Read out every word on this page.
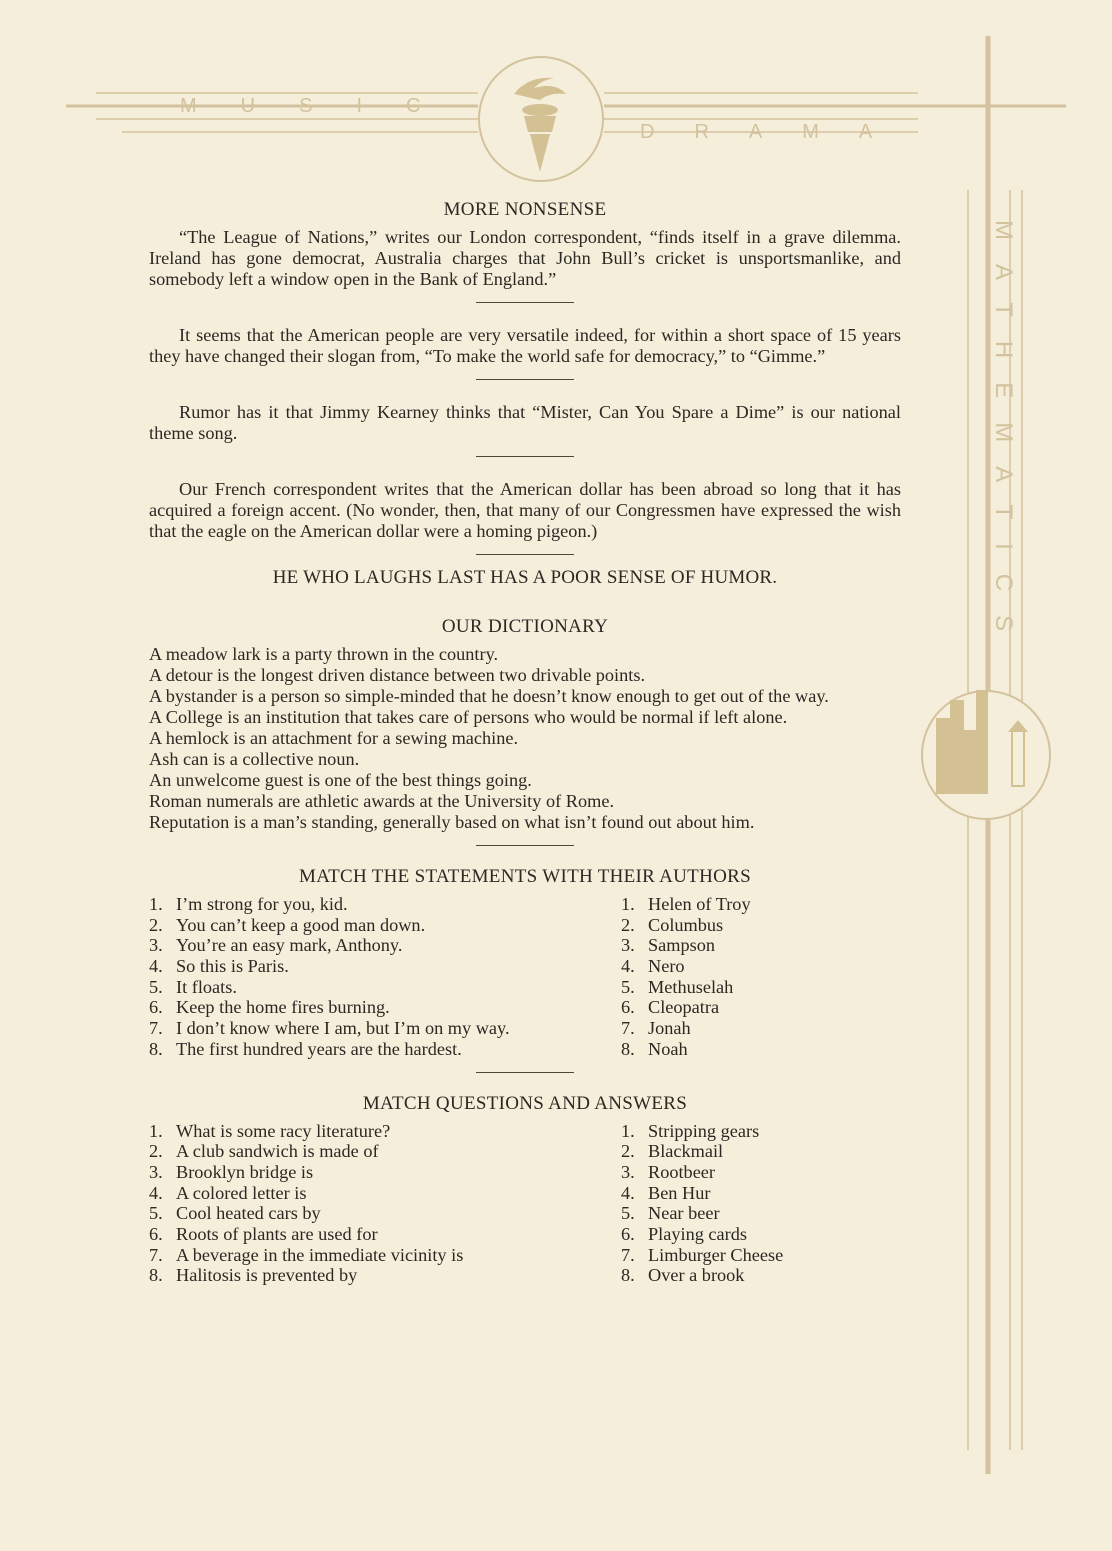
MUSIC
DRAMA
MATHEMATICS
MORE NONSENSE

“The League of Nations,” writes our London correspondent, “finds itself in a grave dilemma. Ireland has gone democrat, Australia charges that John Bull’s cricket is unsportsmanlike, and somebody left a window open in the Bank of England.”

It seems that the American people are very versatile indeed, for within a short space of 15 years they have changed their slogan from, “To make the world safe for democracy,” to “Gimme.”

Rumor has it that Jimmy Kearney thinks that “Mister, Can You Spare a Dime” is our national theme song.

Our French correspondent writes that the American dollar has been abroad so long that it has acquired a foreign accent. (No wonder, then, that many of our Congressmen have expressed the wish that the eagle on the American dollar were a homing pigeon.)

HE WHO LAUGHS LAST HAS A POOR SENSE OF HUMOR.

OUR DICTIONARY

A meadow lark is a party thrown in the country.

A detour is the longest driven distance between two drivable points.

A bystander is a person so simple-minded that he doesn’t know enough to get out of the way.

A College is an institution that takes care of persons who would be normal if left alone.

A hemlock is an attachment for a sewing machine.

Ash can is a collective noun.

An unwelcome guest is one of the best things going.

Roman numerals are athletic awards at the University of Rome.

Reputation is a man’s standing, generally based on what isn’t found out about him.

MATCH THE STATEMENTS WITH THEIR AUTHORS
1. I’m strong for you, kid.	1. Helen of Troy
2. You can’t keep a good man down.	2. Columbus
3. You’re an easy mark, Anthony.	3. Sampson
4. So this is Paris.	4. Nero
5. It floats.	5. Methuselah
6. Keep the home fires burning.	6. Cleopatra
7. I don’t know where I am, but I’m on my way.	7. Jonah
8. The first hundred years are the hardest.	8. Noah
MATCH QUESTIONS AND ANSWERS
1. What is some racy literature?	1. Stripping gears
2. A club sandwich is made of	2. Blackmail
3. Brooklyn bridge is	3. Rootbeer
4. A colored letter is	4. Ben Hur
5. Cool heated cars by	5. Near beer
6. Roots of plants are used for	6. Playing cards
7. A beverage in the immediate vicinity is	7. Limburger Cheese
8. Halitosis is prevented by	8. Over a brook
